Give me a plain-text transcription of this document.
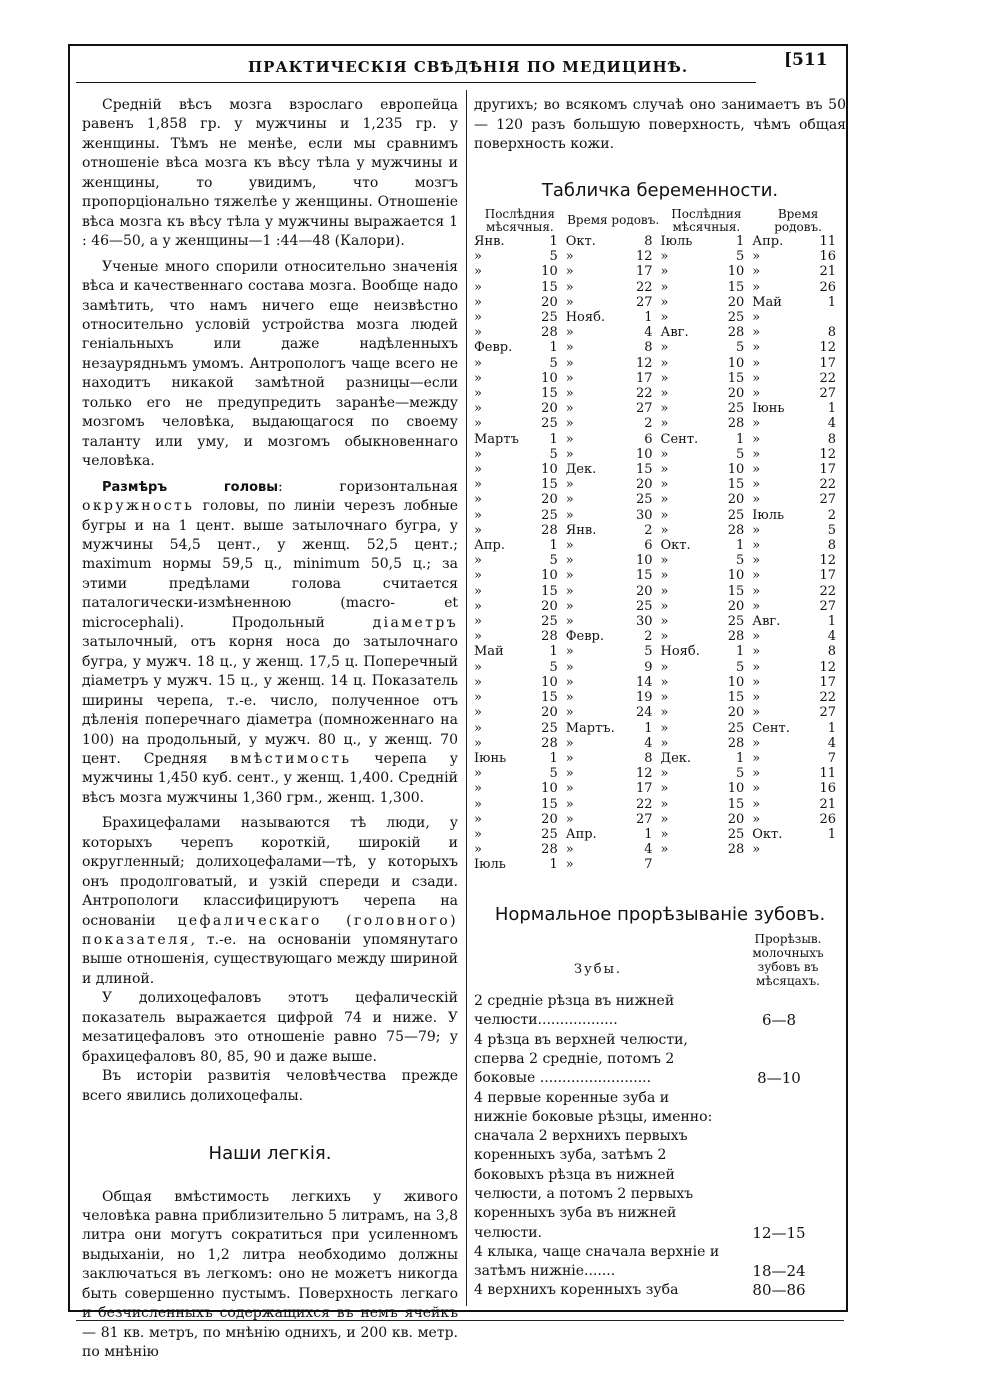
ПРАКТИЧЕСКІЯ СВѢДѢНІЯ ПО МЕДИЦИНѢ.	[511

Среднiй вѣсъ мозга взрослаго европейца равенъ 1,858 гр. у мужчины и 1,235 гр. у женщины. Тѣмъ не менѣе, если мы сравнимъ отношеніе вѣса мозга къ вѣсу тѣла у мужчины и женщины, то увидимъ, что мозгъ пропорціонально тяжелѣе у женщины. Отношеніе вѣса мозга къ вѣсу тѣла у мужчины выражается 1 : 46—50, а у женщины—1 :44—48 (Калори).

Ученые много спорили относительно значенія вѣса и качественнаго состава мозга. Вообще надо замѣтить, что намъ ничего еще неизвѣстно относительно условій устройства мозга людей геніальныхъ или даже надѣленныхъ незаурядньмъ умомъ. Антропологъ чаще всего не находитъ никакой замѣтной разницы—если только его не предупредить заранѣе—между мозгомъ человѣка, выдающагося по своему таланту или уму, и мозгомъ обыкновеннаго человѣка.

Размѣръ головы: горизонтальная окружность головы, по линіи черезъ лобные бугры и на 1 цент. выше затылочнаго бугра, у мужчины 54,5 цент., у женщ. 52,5 цент.; maximum нормы 59,5 ц., minimum 50,5 ц.; за этими предѣлами голова считается паталогически-измѣненною (macro- et microcephali). Продольный діаметръ затылочный, отъ корня носа до затылочнаго бугра, у мужч. 18 ц., у женщ. 17,5 ц. Поперечный діаметръ у мужч. 15 ц., у женщ. 14 ц. Показатель ширины черепа, т.-е. число, полученное отъ дѣленія поперечнаго діаметра (помноженнаго на 100) на продольный, у мужч. 80 ц., у женщ. 70 цент. Средняя вмѣстимость черепа у мужчины 1,450 куб. сент., у женщ. 1,400. Средній вѣсъ мозга мужчины 1,360 грм., женщ. 1,300.

Брахицефалами называются тѣ люди, у которыхъ черепъ короткій, широкій и округленный; долихоцефалами—тѣ, у которыхъ онъ продолговатый, и узкій спереди и сзади. Антропологи классифицируютъ черепа на основаніи цефалическаго (головного) показателя, т.-е. на основаніи упомянутаго выше отношенія, существующаго между шириной и длиной.

У долихоцефаловъ этотъ цефалическій показатель выражается цифрой 74 и ниже. У мезатицефаловъ это отношеніе равно 75—79; у брахицефаловъ 80, 85, 90 и даже выше.

Въ исторіи развитія человѣчества прежде всего явились долихоцефалы.

Наши легкія.

Общая вмѣстимость легкихъ у живого человѣка равна приблизительно 5 литрамъ, на 3,8 литра они могутъ сократиться при усиленномъ выдыханіи, но 1,2 литра необходимо должны заключаться въ легкомъ: оно не можетъ никогда быть совершенно пустымъ. Поверхность легкаго и безчисленныхъ содержащихся въ немъ ячейкъ — 81 кв. метръ, по мнѣнію однихъ, и 200 кв. метр. по мнѣнію

другихъ; во всякомъ случаѣ оно занимаетъ въ 50 — 120 разъ большую поверхность, чѣмъ общая поверхность кожи.

Табличка беременности.
Послѣдния мѣсячныя.		Время родовъ.		Послѣдния мѣсячныя.		Время родовъ.	
Янв.	1	Окт.	8	Іюль	1	Апр.	11
»	5	»	12	»	5	»	16
»	10	»	17	»	10	»	21
»	15	»	22	»	15	»	26
»	20	»	27	»	20	Май	1
»	25	Нояб.	1	»	25	»	
»	28	»	4	Авг.	28	»	8
Февр.	1	»	8	»	5	»	12
»	5	»	12	»	10	»	17
»	10	»	17	»	15	»	22
»	15	»	22	»	20	»	27
»	20	»	27	»	25	Іюнь	1
»	25	»	2	»	28	»	4
Мартъ	1	»	6	Сент.	1	»	8
»	5	»	10	»	5	»	12
»	10	Дек.	15	»	10	»	17
»	15	»	20	»	15	»	22
»	20	»	25	»	20	»	27
»	25	»	30	»	25	Іюль	2
»	28	Янв.	2	»	28	»	5
Апр.	1	»	6	Окт.	1	»	8
»	5	»	10	»	5	»	12
»	10	»	15	»	10	»	17
»	15	»	20	»	15	»	22
»	20	»	25	»	20	»	27
»	25	»	30	»	25	Авг.	1
»	28	Февр.	2	»	28	»	4
Май	1	»	5	Нояб.	1	»	8
»	5	»	9	»	5	»	12
»	10	»	14	»	10	»	17
»	15	»	19	»	15	»	22
»	20	»	24	»	20	»	27
»	25	Мартъ.	1	»	25	Сент.	1
»	28	»	4	»	28	»	4
Іюнь	1	»	8	Дек.	1	»	7
»	5	»	12	»	5	»	11
»	10	»	17	»	10	»	16
»	15	»	22	»	15	»	21
»	20	»	27	»	20	»	26
»	25	Апр.	1	»	25	Окт.	1
»	28	»	4	»	28	»	
Іюль	1	»	7				
Нормальное прорѣзываніе зубовъ.
Зубы.
Прорѣзыв. молочныхъ зубовъ въ мѣсяцахъ.
2 средніе рѣзца въ нижней челюсти..................	6—8
4 рѣзца въ верхней челюсти, сперва 2 средніе, потомъ 2 боковые .........................	8—10
4 первые коренные зуба и нижніе боковые рѣзцы, именно: сначала 2 верхнихъ первыхъ коренныхъ зуба, затѣмъ 2 боковыхъ рѣзца въ нижней челюсти, а потомъ 2 первыхъ коренныхъ зуба въ нижней челюсти.	12—15
4 клыка, чаще сначала верхніе и затѣмъ нижніе.......	18—24
4 верхнихъ коренныхъ зуба	80—86
